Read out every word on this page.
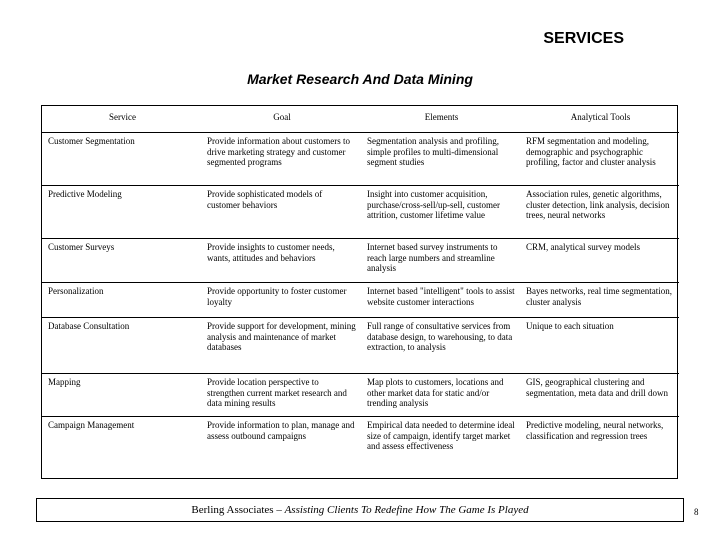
SERVICES
Market Research And Data Mining
Service	Goal	Elements	Analytical Tools
Customer Segmentation	Provide information about customers to drive marketing strategy and customer segmented programs	Segmentation analysis and profiling, simple profiles to multi-dimensional segment studies	RFM segmentation and modeling, demographic and psychographic profiling, factor and cluster analysis
Predictive Modeling	Provide sophisticated models of customer behaviors	Insight into customer acquisition, purchase/cross-sell/up-sell, customer attrition, customer lifetime value	Association rules, genetic algorithms, cluster detection, link analysis, decision trees, neural networks
Customer Surveys	Provide insights to customer needs, wants, attitudes and behaviors	Internet based survey instruments to reach large numbers and streamline analysis	CRM, analytical survey models
Personalization	Provide opportunity to foster customer loyalty	Internet based "intelligent" tools to assist website customer interactions	Bayes networks, real time segmentation, cluster analysis
Database Consultation	Provide support for development, mining analysis and maintenance of market databases	Full range of consultative services from database design, to warehousing, to data extraction, to analysis	Unique to each situation
Mapping	Provide location perspective to strengthen current market research and data mining results	Map plots to customers, locations and other market data for static and/or trending analysis	GIS, geographical clustering and segmentation, meta data and drill down
Campaign Management	Provide information to plan, manage and assess outbound campaigns	Empirical data needed to determine ideal size of campaign, identify target market and assess effectiveness	Predictive modeling, neural networks, classification and regression trees
Berling Associates – Assisting Clients To Redefine How The Game Is Played	8
